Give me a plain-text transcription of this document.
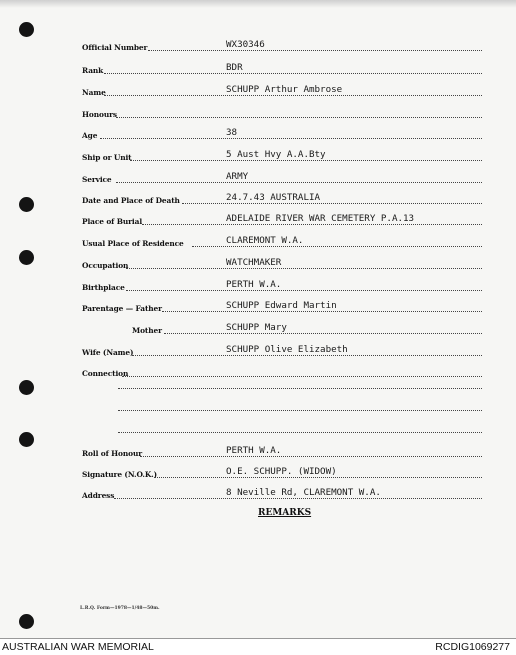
Official Number	WX30346
Rank	BDR
Name	SCHUPP Arthur Ambrose
Honours
Age	38
Ship or Unit	5 Aust Hvy A.A.Bty
Service	ARMY
Date and Place of Death	24.7.43 AUSTRALIA
Place of Burial	ADELAIDE RIVER WAR CEMETERY P.A.13
Usual Place of Residence	CLAREMONT W.A.
Occupation	WATCHMAKER
Birthplace	PERTH W.A.
Parentage — Father	SCHUPP Edward Martin
Mother	SCHUPP Mary
Wife (Name)	SCHUPP Olive Elizabeth
Connection
Roll of Honour	PERTH W.A.
Signature (N.O.K.)	O.E. SCHUPP. (WIDOW)
Address	8 Neville Rd, CLAREMONT W.A.
REMARKS
L.R.Q. Form—1978—1/48—50m.
AUSTRALIAN WAR MEMORIAL	RCDIG1069277
